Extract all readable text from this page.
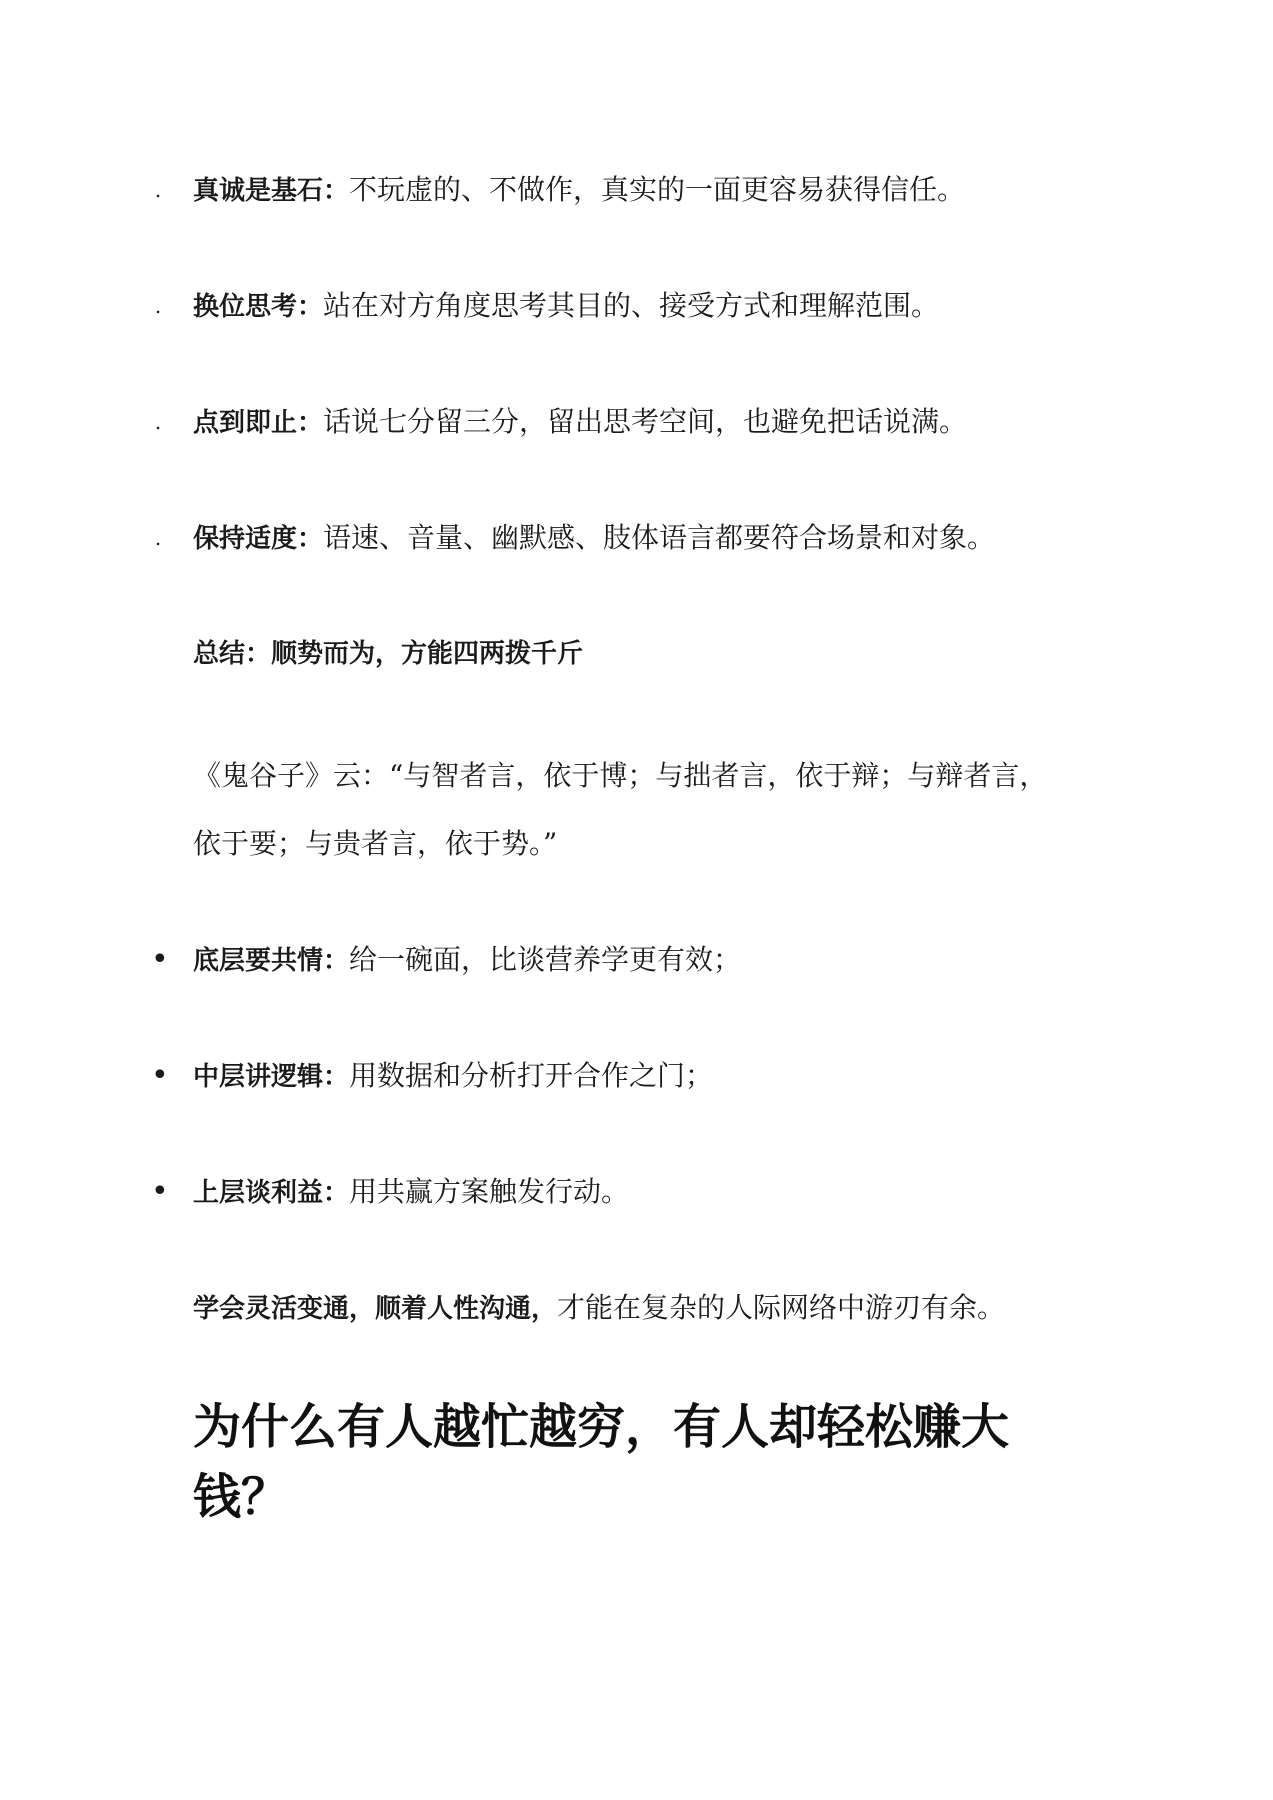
. 真诚是基石：不玩虚的、不做作，真实的一面更容易获得信任。
. 换位思考：站在对方角度思考其目的、接受方式和理解范围。
. 点到即止：话说七分留三分，留出思考空间，也避免把话说满。
. 保持适度：语速、音量、幽默感、肢体语言都要符合场景和对象。
总结：顺势而为，方能四两拨千斤
《鬼谷子》云：“与智者言，依于博；与拙者言，依于辩；与辩者言，
依于要；与贵者言，依于势。”
• 底层要共情：给一碗面，比谈营养学更有效；
• 中层讲逻辑：用数据和分析打开合作之门；
• 上层谈利益：用共赢方案触发行动。
学会灵活变通，顺着人性沟通，才能在复杂的人际网络中游刃有余。
为什么有人越忙越穷，有人却轻松赚大
钱？
